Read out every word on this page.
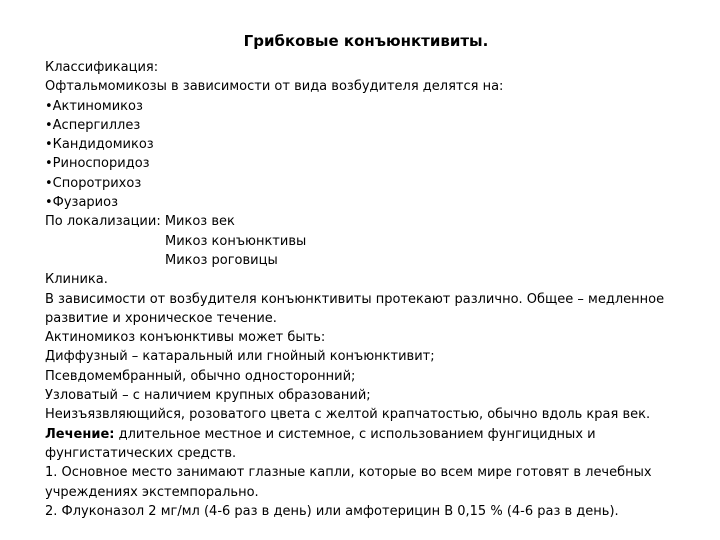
Грибковые конъюнктивиты.
Классификация:
Офтальмомикозы в зависимости от вида возбудителя делятся на:
•Актиномикоз
•Аспергиллез
•Кандидомикоз
•Риноспоридоз
•Споротрихоз
•Фузариоз
По локализации: Микоз век
Микоз конъюнктивы
Микоз роговицы
Клиника.
В зависимости от возбудителя конъюнктивиты протекают различно. Общее – медленное
развитие и хроническое течение.
Актиномикоз конъюнктивы может быть:
Диффузный – катаральный или гнойный конъюнктивит;
Псевдомембранный, обычно односторонний;
Узловатый – с наличием крупных образований;
Неизъязвляющийся, розоватого цвета с желтой крапчатостью, обычно вдоль края век.
Лечение: длительное местное и системное, с использованием фунгицидных и
фунгистатических средств.
1. Основное место занимают глазные капли, которые во всем мире готовят в лечебных
учреждениях экстемпорально.
2. Флуконазол 2 мг/мл (4-6 раз в день) или амфотерицин В 0,15 % (4-6 раз в день).
